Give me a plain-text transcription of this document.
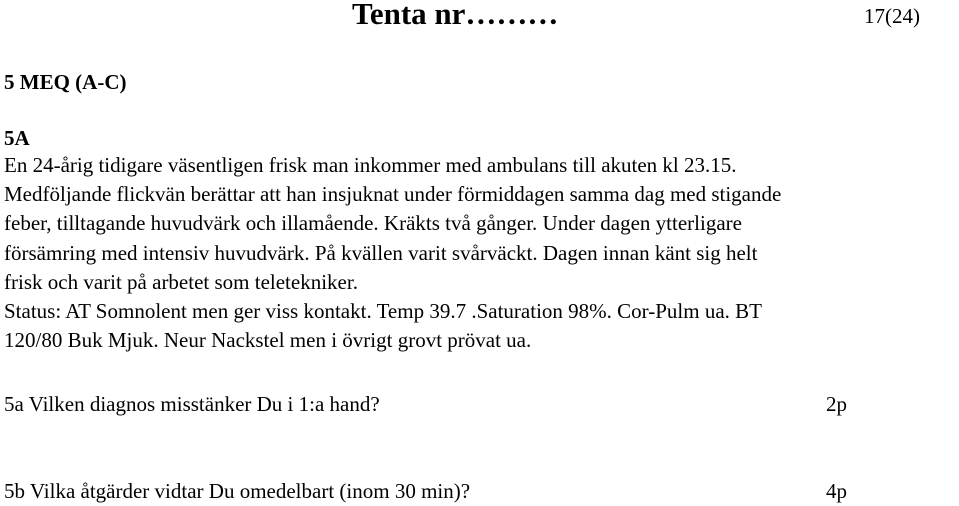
Tenta nr………	17(24)
5 MEQ (A-C)
5A
En 24-årig tidigare väsentligen frisk man inkommer med ambulans till akuten kl 23.15.
Medföljande flickvän berättar att han insjuknat under förmiddagen samma dag med stigande
feber, tilltagande huvudvärk och illamående. Kräkts två gånger. Under dagen ytterligare
försämring med intensiv huvudvärk. På kvällen varit svårväckt. Dagen innan känt sig helt
frisk och varit på arbetet som teletekniker.
Status: AT Somnolent men ger viss kontakt. Temp 39.7 .Saturation 98%. Cor-Pulm ua. BT
120/80 Buk Mjuk. Neur Nackstel men i övrigt grovt prövat ua.
5a Vilken diagnos misstänker Du i 1:a hand?	2p
5b Vilka åtgärder vidtar Du omedelbart (inom 30 min)?	4p
